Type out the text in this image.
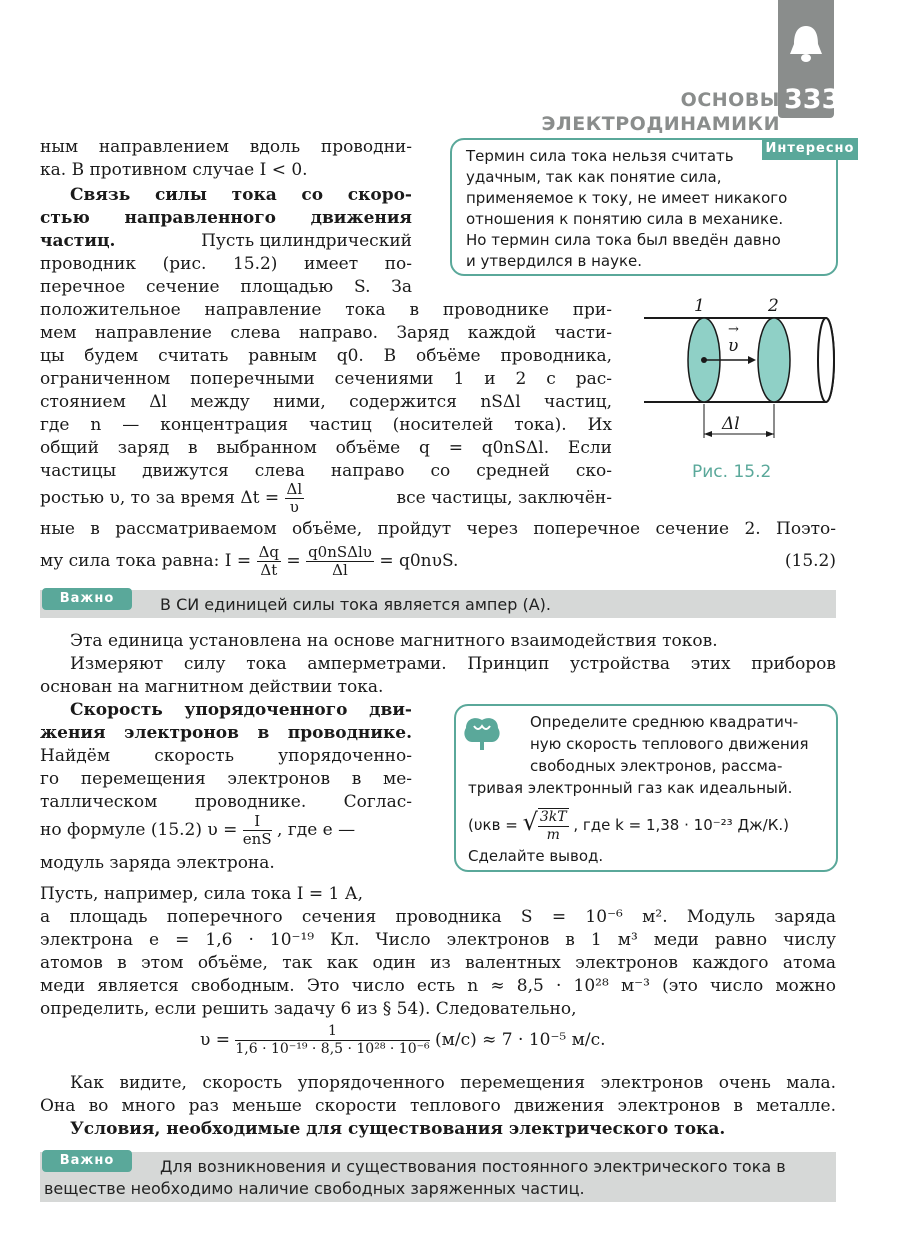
333
ОСНОВЫ ЭЛЕКТРОДИНАМИКИ
ным направлением вдоль проводни-
ка. В противном случае I < 0.
Связь силы тока со скоро-
стью направленного движения
частиц.	Пусть цилиндрический
проводник (рис. 15.2) имеет по-
перечное сечение площадью S. За
положительное направление тока в проводнике при-
мем направление слева направо. Заряд каждой части-
цы будем считать равным q0. В объёме проводника,
ограниченном поперечными сечениями 1 и 2 с рас-
стоянием Δl между ними, содержится nSΔl частиц,
где n — концентрация частиц (носителей тока). Их
общий заряд в выбранном объёме q = q0nSΔl. Если
частицы движутся слева направо со средней ско-
ростью υ, то за время $\Delta t = \frac{\Delta l}{\upsilon}$	все частицы, заключён-
ные в рассматриваемом объёме, пройдут через поперечное сечение 2. Поэто-
му сила тока равна: $I = \frac{\Delta q}{\Delta t} = \frac{\text{q0nSΔlυ}}{\Delta l} = q0n\upsilon S$.	(15.2)
Интересно
Термин сила тока нельзя считать
удачным, так как понятие сила,
применяемое к току, не имеет никакого
отношения к понятию сила в механике.
Но термин сила тока был введён давно
и утвердился в науке.
1	2
υ
→
Δl
Рис. 15.2
Важно	В СИ единицей силы тока является ампер (А).
Эта единица установлена на основе магнитного взаимодействия токов.
Измеряют силу тока амперметрами. Принцип устройства этих приборов
основан на магнитном действии тока.
Скорость упорядоченного дви-
жения электронов в проводнике.
Найдём скорость упорядоченно-
го перемещения электронов в ме-
таллическом проводнике. Соглас-
но формуле (15.2) $\upsilon = \frac{I}{\text{enS}}$ , где e —
модуль заряда электрона.
Определите среднюю квадратич-
ную скорость теплового движения
свободных электронов, рассма-
тривая электронный газ как идеальный.
(υкв = √ $\frac{3kT}{m}$ , где k = 1,38 · 10⁻²³ Дж/К.)
Сделайте вывод.
Пусть, например, сила тока I = 1 А,
а площадь поперечного сечения проводника S = 10⁻⁶ м². Модуль заряда
электрона e = 1,6 · 10⁻¹⁹ Кл. Число электронов в 1 м³ меди равно числу
атомов в этом объёме, так как один из валентных электронов каждого атома
меди является свободным. Это число есть n ≈ 8,5 · 10²⁸ м⁻³ (это число можно
определить, если решить задачу 6 из § 54). Следовательно,
$\upsilon = \frac{1}{\text{1,6 · 10⁻¹⁹ · 8,5 · 10²⁸ · 10⁻⁶}} (м/с) \approx 7 \cdot 10^{-5}$ м/с.
Как видите, скорость упорядоченного перемещения электронов очень мала.
Она во много раз меньше скорости теплового движения электронов в металле.
Условия, необходимые для существования электрического тока.
Важно	Для возникновения и существования постоянного электрического тока в
веществе необходимо наличие свободных заряженных частиц.
